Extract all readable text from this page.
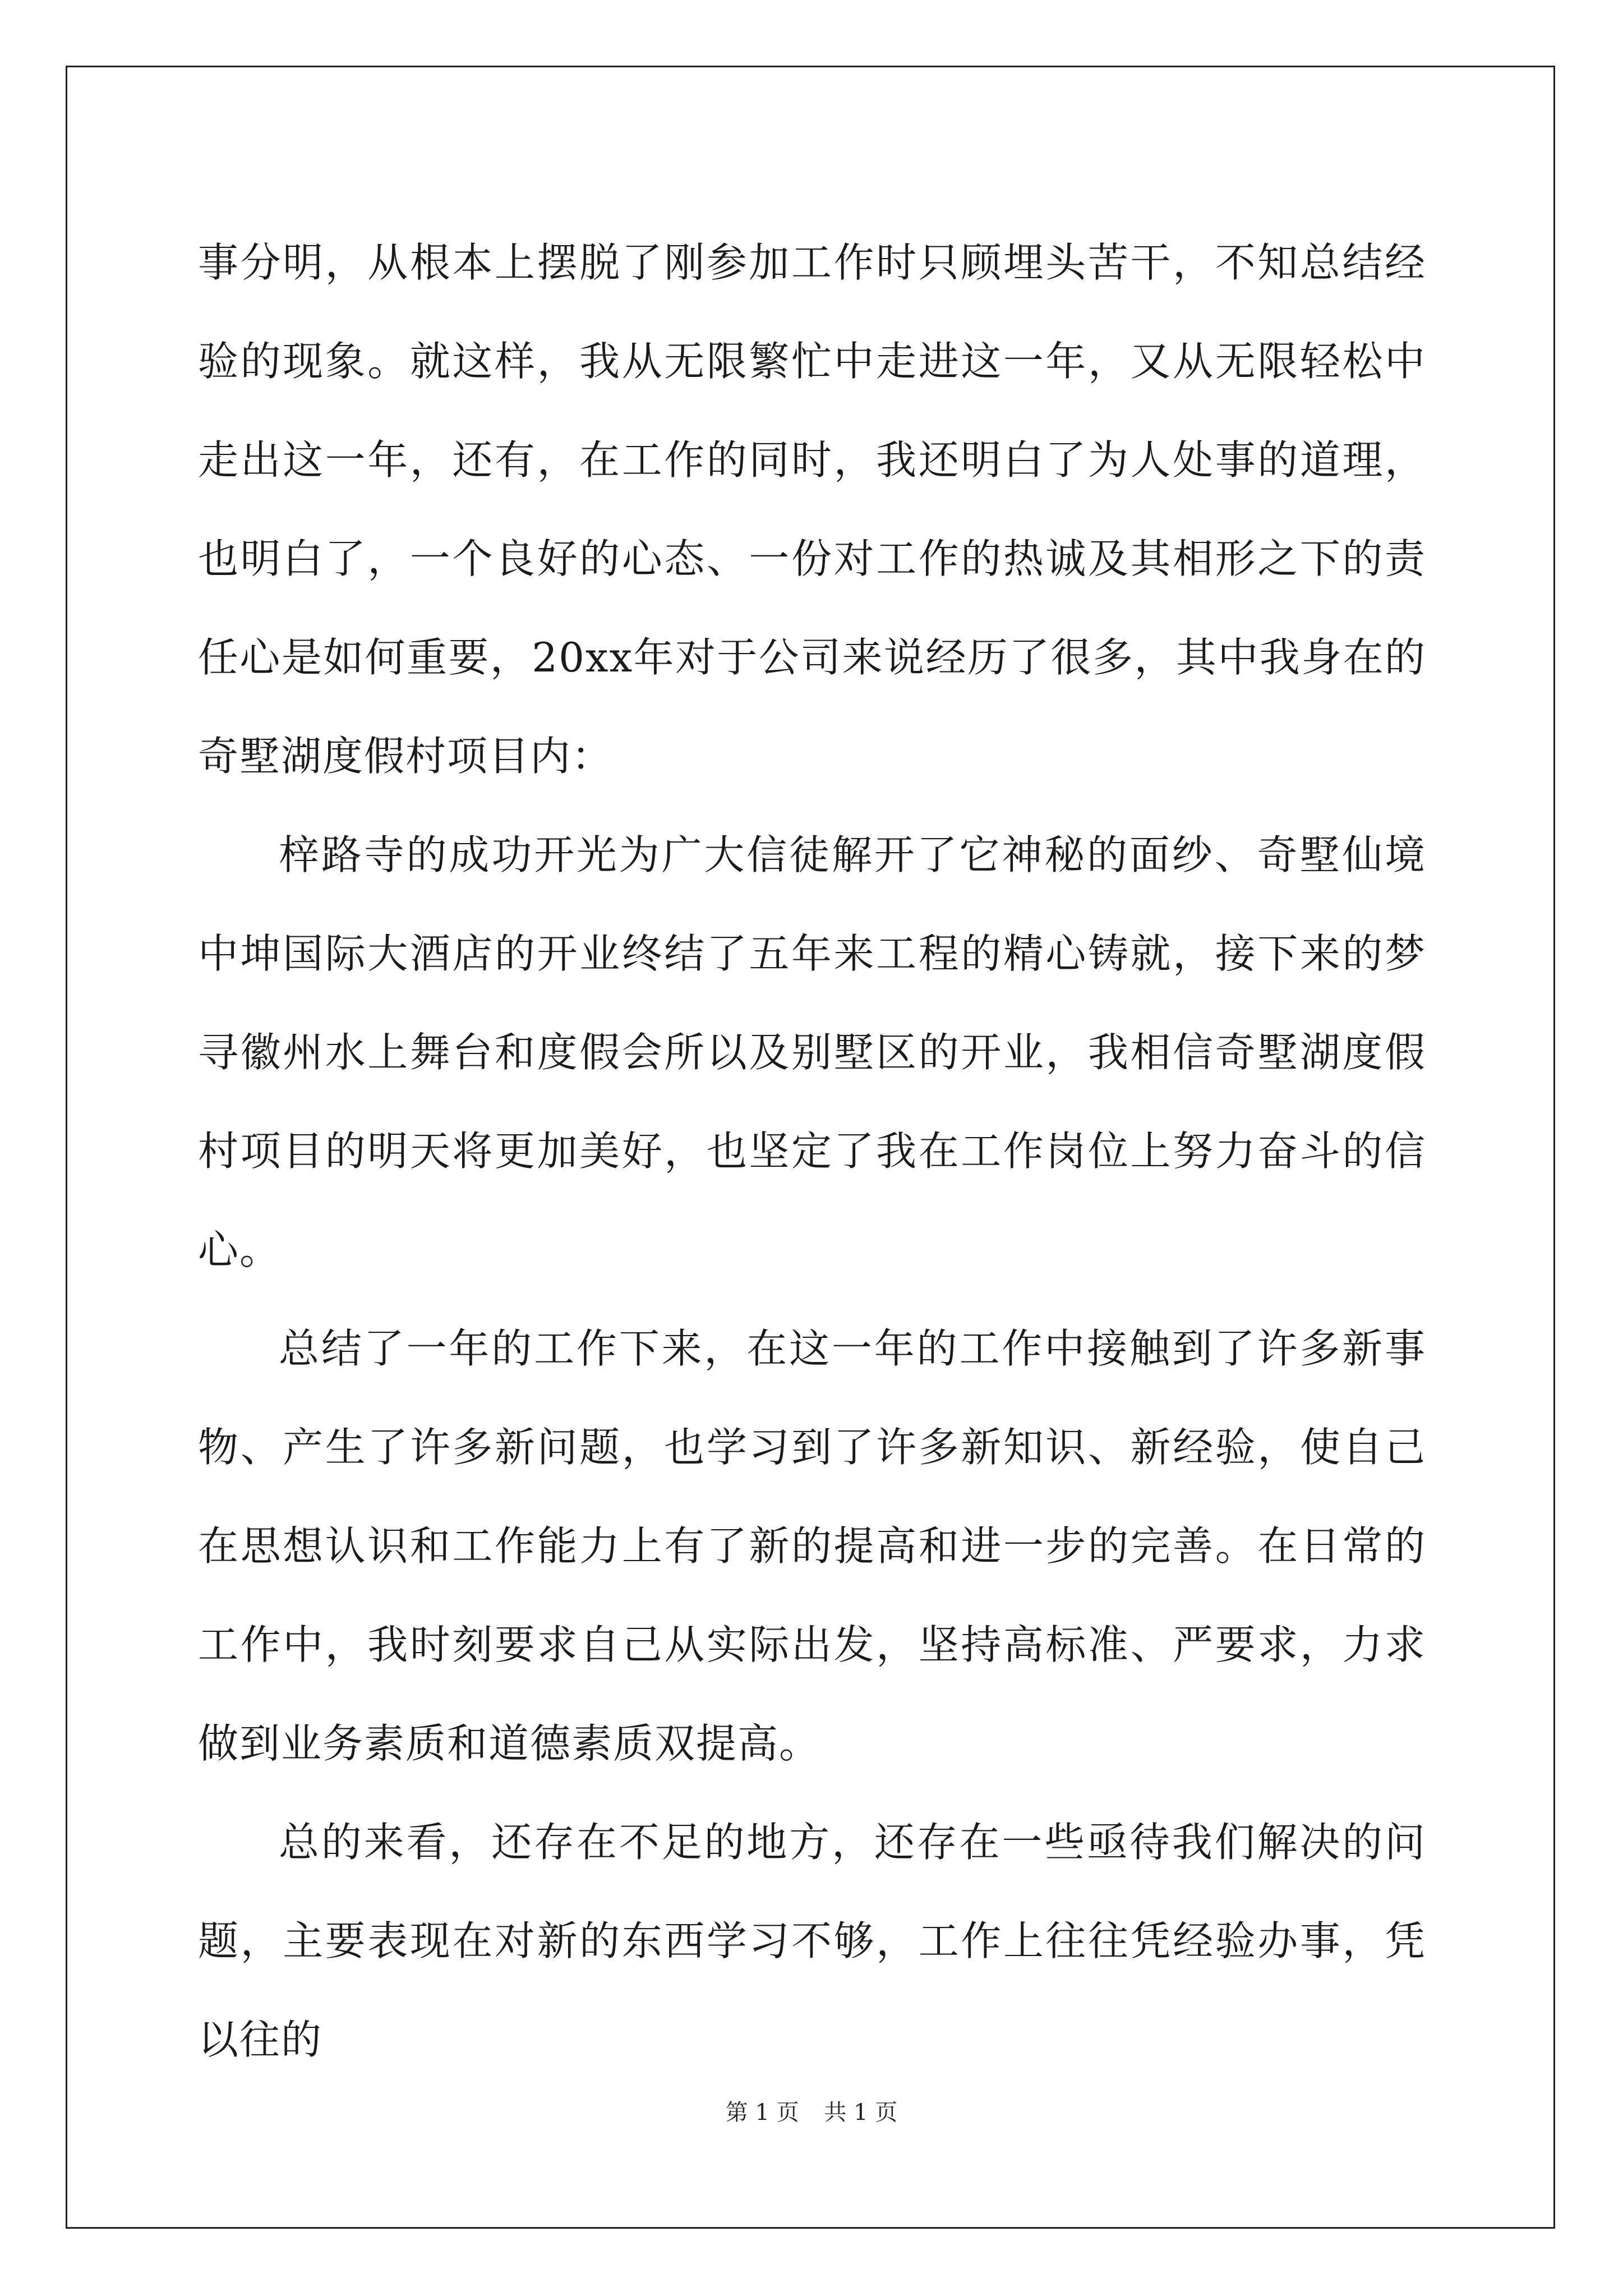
事分明，从根本上摆脱了刚参加工作时只顾埋头苦干，不知总结经验的现象。就这样，我从无限繁忙中走进这一年，又从无限轻松中走出这一年，还有，在工作的同时，我还明白了为人处事的道理，也明白了，一个良好的心态、一份对工作的热诚及其相形之下的责任心是如何重要，20xx年对于公司来说经历了很多，其中我身在的奇墅湖度假村项目内：

梓路寺的成功开光为广大信徒解开了它神秘的面纱、奇墅仙境中坤国际大酒店的开业终结了五年来工程的精心铸就，接下来的梦寻徽州水上舞台和度假会所以及别墅区的开业，我相信奇墅湖度假村项目的明天将更加美好，也坚定了我在工作岗位上努力奋斗的信心。

总结了一年的工作下来，在这一年的工作中接触到了许多新事物、产生了许多新问题，也学习到了许多新知识、新经验，使自己在思想认识和工作能力上有了新的提高和进一步的完善。在日常的工作中，我时刻要求自己从实际出发，坚持高标准、严要求，力求做到业务素质和道德素质双提高。

总的来看，还存在不足的地方，还存在一些亟待我们解决的问题，主要表现在对新的东西学习不够，工作上往往凭经验办事，凭以往的

第 1 页 共 1 页
